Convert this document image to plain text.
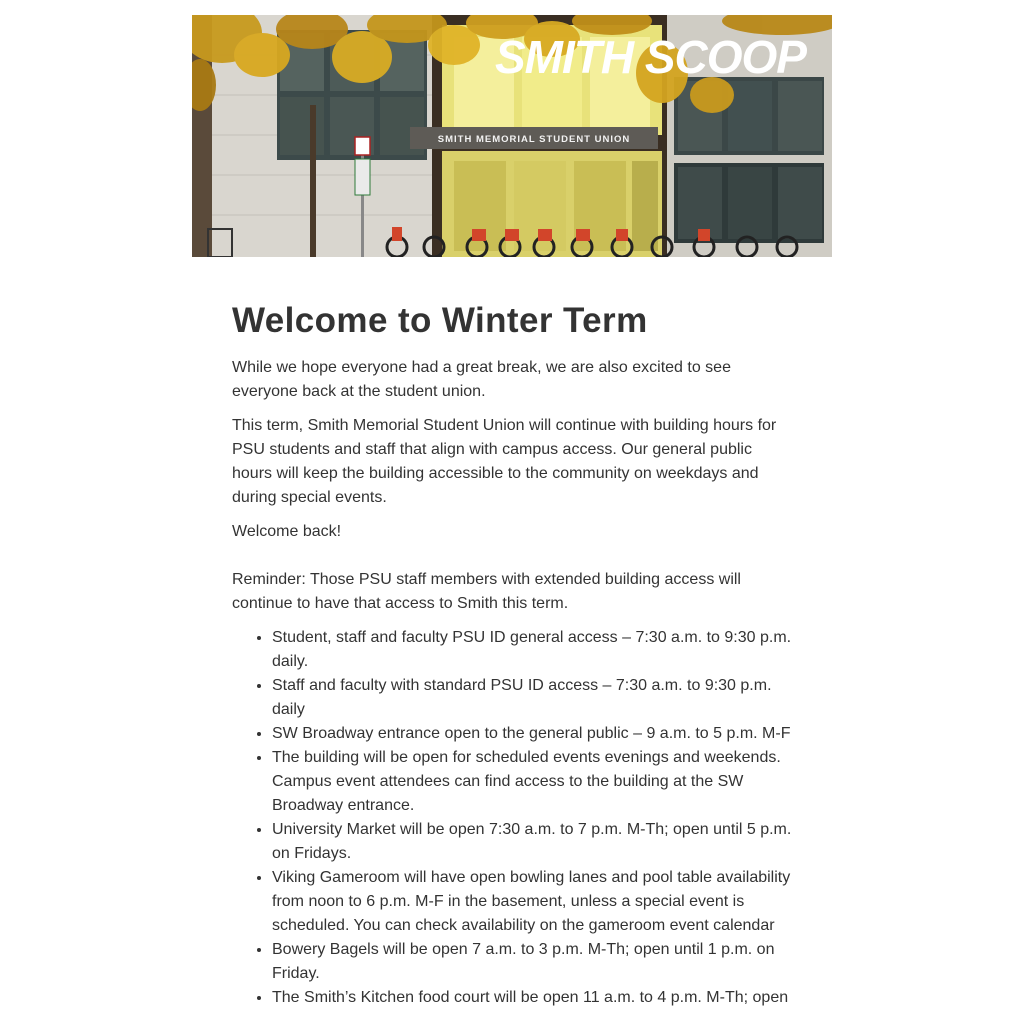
SMITH MEMORIAL STUDENT UNION
SMITH SCOOP
Welcome to Winter Term

While we hope everyone had a great break, we are also excited to see everyone back at the student union.

This term, Smith Memorial Student Union will continue with building hours for PSU students and staff that align with campus access. Our general public hours will keep the building accessible to the community on weekdays and during special events.

Welcome back!

Reminder: Those PSU staff members with extended building access will continue to have that access to Smith this term.

• Student, staff and faculty PSU ID general access – 7:30 a.m. to 9:30 p.m. daily.
• Staff and faculty with standard PSU ID access – 7:30 a.m. to 9:30 p.m. daily
• SW Broadway entrance open to the general public – 9 a.m. to 5 p.m. M-F
• The building will be open for scheduled events evenings and weekends. Campus event attendees can find access to the building at the SW Broadway entrance.
• University Market will be open 7:30 a.m. to 7 p.m. M-Th; open until 5 p.m. on Fridays.
• Viking Gameroom will have open bowling lanes and pool table availability from noon to 6 p.m. M-F in the basement, unless a special event is scheduled. You can check availability on the gameroom event calendar
• Bowery Bagels will be open 7 a.m. to 3 p.m. M-Th; open until 1 p.m. on Friday.
• The Smith’s Kitchen food court will be open 11 a.m. to 4 p.m. M-Th; open
